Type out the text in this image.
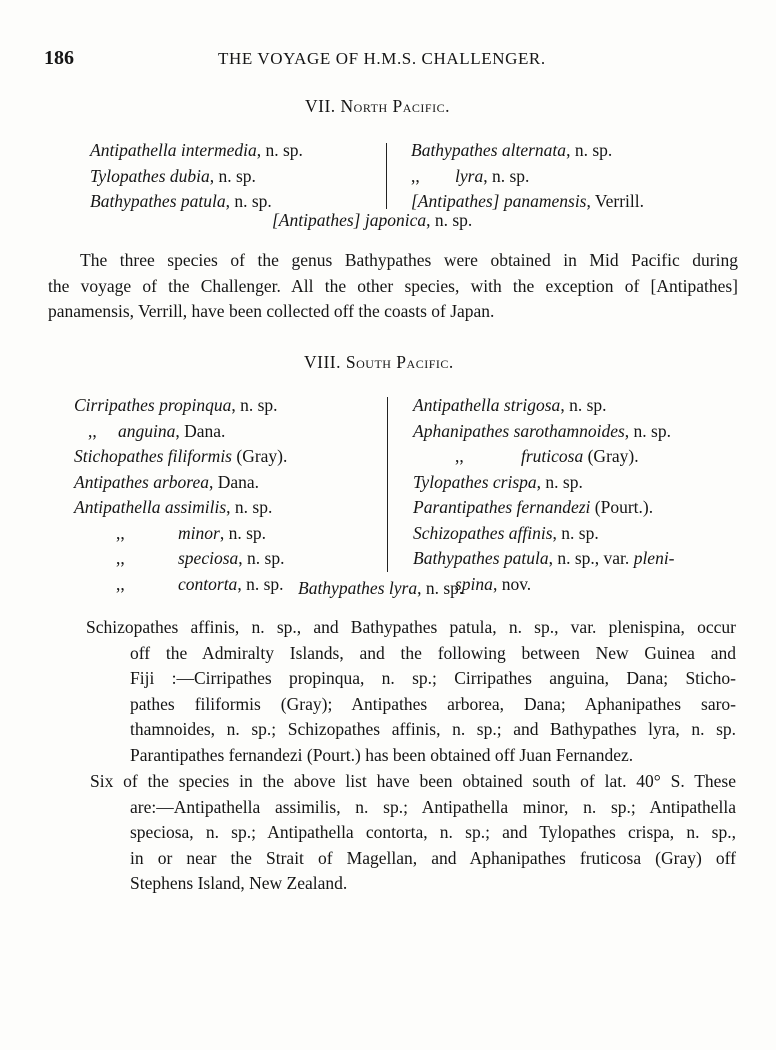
186	THE VOYAGE OF H.M.S. CHALLENGER.
VII. North Pacific.
Antipathella intermedia, n. sp.
Tylopathes dubia, n. sp.
Bathypathes patula, n. sp.
Bathypathes alternata, n. sp.
,, lyra, n. sp.
[Antipathes] panamensis, Verrill.
[Antipathes] japonica, n. sp.
The three species of the genus Bathypathes were obtained in Mid Pacific during
the voyage of the Challenger. All the other species, with the exception of [Antipathes]
panamensis, Verrill, have been collected off the coasts of Japan.
VIII. South Pacific.
Cirripathes propinqua, n. sp.
,, anguina, Dana.
Stichopathes filiformis (Gray).
Antipathes arborea, Dana.
Antipathella assimilis, n. sp.
,,	minor, n. sp.
,,	speciosa, n. sp.
,,	contorta, n. sp.
Antipathella strigosa, n. sp.
Aphanipathes sarothamnoides, n. sp.
,,	fruticosa (Gray).
Tylopathes crispa, n. sp.
Parantipathes fernandezi (Pourt.).
Schizopathes affinis, n. sp.
Bathypathes patula, n. sp., var. pleni-
spina, nov.
Bathypathes lyra, n. sp.
Schizopathes affinis, n. sp., and Bathypathes patula, n. sp., var. plenispina, occur
off the Admiralty Islands, and the following between New Guinea and
Fiji :—Cirripathes propinqua, n. sp.; Cirripathes anguina, Dana; Sticho-
pathes filiformis (Gray); Antipathes arborea, Dana; Aphanipathes saro-
thamnoides, n. sp.; Schizopathes affinis, n. sp.; and Bathypathes lyra, n. sp.
Parantipathes fernandezi (Pourt.) has been obtained off Juan Fernandez.
Six of the species in the above list have been obtained south of lat. 40° S. These
are:—Antipathella assimilis, n. sp.; Antipathella minor, n. sp.; Antipathella
speciosa, n. sp.; Antipathella contorta, n. sp.; and Tylopathes crispa, n. sp.,
in or near the Strait of Magellan, and Aphanipathes fruticosa (Gray) off
Stephens Island, New Zealand.
